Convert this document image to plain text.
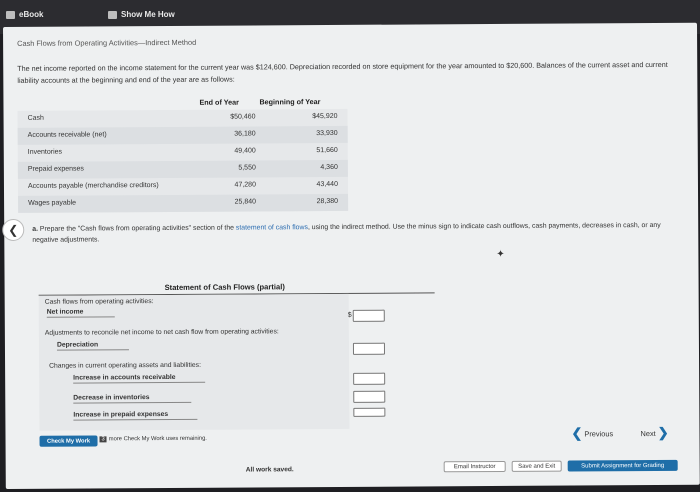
eBook	Show Me How
Cash Flows from Operating Activities—Indirect Method
The net income reported on the income statement for the current year was $124,600. Depreciation recorded on store equipment for the year amounted to $20,600. Balances of the current asset and current liability accounts at the beginning and end of the year are as follows:
End of Year	Beginning of Year
Cash	$50,460	$45,920
Accounts receivable (net)	36,180	33,930
Inventories	49,400	51,660
Prepaid expenses	5,550	4,360
Accounts payable (merchandise creditors)	47,280	43,440
Wages payable	25,840	28,380
❮ a. Prepare the "Cash flows from operating activities" section of the statement of cash flows, using the indirect method. Use the minus sign to indicate cash outflows, cash payments, decreases in cash, or any negative adjustments.
✦
Statement of Cash Flows (partial)
Cash flows from operating activities:
Net income
Adjustments to reconcile net income to net cash flow from operating activities:
Depreciation
Changes in current operating assets and liabilities:
Increase in accounts receivable
Decrease in inventories
Increase in prepaid expenses
$
Check My Work	3 more Check My Work uses remaining.	❮ Previous	Next ❯
All work saved.	Email Instructor	Save and Exit	Submit Assignment for Grading
